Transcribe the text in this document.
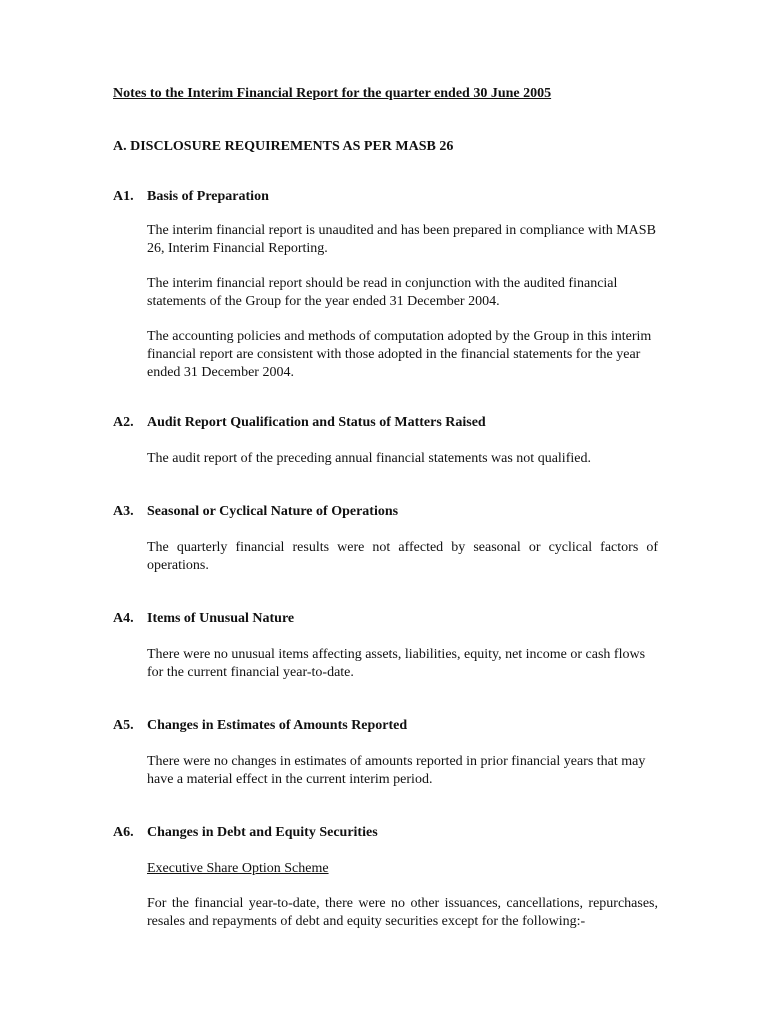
Notes to the Interim Financial Report for the quarter ended 30 June 2005
A. DISCLOSURE REQUIREMENTS AS PER MASB 26
A1. Basis of Preparation

The interim financial report is unaudited and has been prepared in compliance with MASB 26, Interim Financial Reporting.

The interim financial report should be read in conjunction with the audited financial statements of the Group for the year ended 31 December 2004.

The accounting policies and methods of computation adopted by the Group in this interim financial report are consistent with those adopted in the financial statements for the year ended 31 December 2004.

A2. Audit Report Qualification and Status of Matters Raised

The audit report of the preceding annual financial statements was not qualified.

A3. Seasonal or Cyclical Nature of Operations

The quarterly financial results were not affected by seasonal or cyclical factors of operations.

A4. Items of Unusual Nature

There were no unusual items affecting assets, liabilities, equity, net income or cash flows for the current financial year-to-date.

A5. Changes in Estimates of Amounts Reported

There were no changes in estimates of amounts reported in prior financial years that may have a material effect in the current interim period.

A6. Changes in Debt and Equity Securities

Executive Share Option Scheme

For the financial year-to-date, there were no other issuances, cancellations, repurchases, resales and repayments of debt and equity securities except for the following:-
